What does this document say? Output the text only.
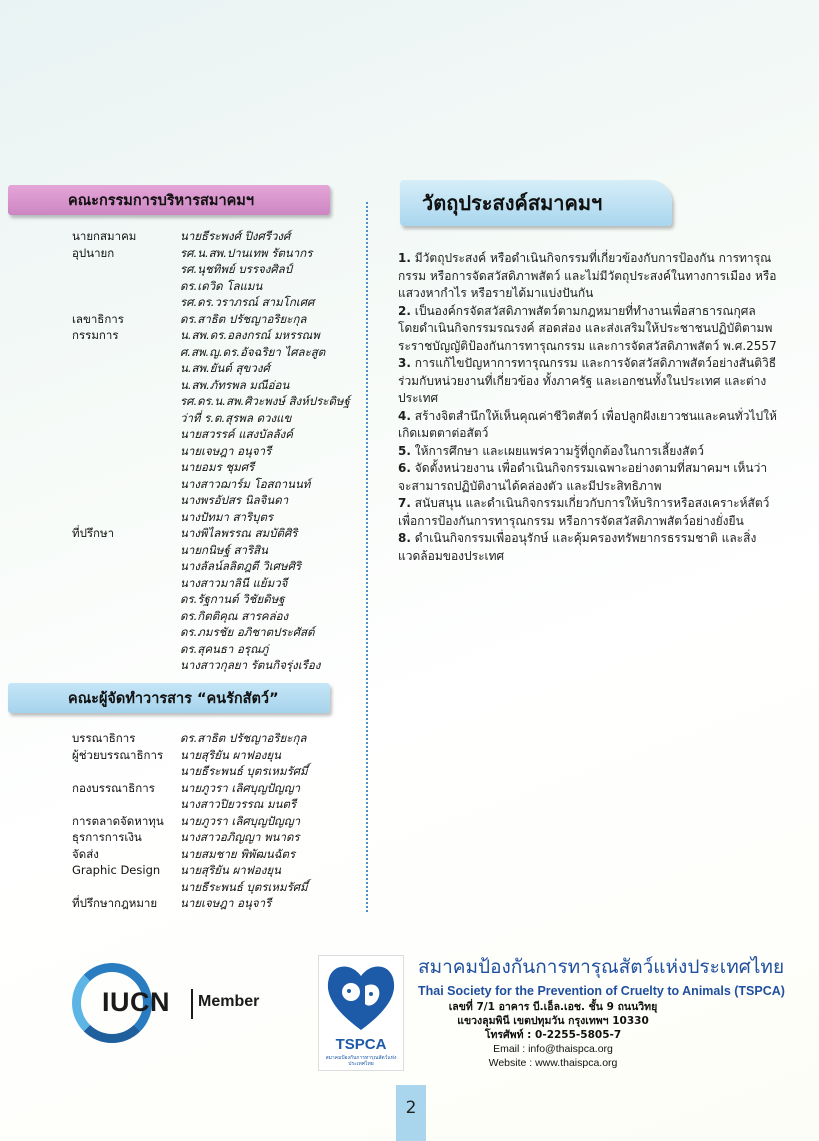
คณะกรรมการบริหารสมาคมฯ
นายกสมาคม	นายธีระพงศ์ ปิงศรีวงศ์
อุปนายก	รศ.น.สพ.ปานเทพ รัตนากร
รศ.นุชทิพย์ บรรจงศิลป์
ดร.เดวิด โลแมน
รศ.ดร.วราภรณ์ สามโกเศศ
เลขาธิการ	ดร.สาธิต ปรัชญาอริยะกุล
กรรมการ	น.สพ.ดร.อลงกรณ์ มหรรณพ
ศ.สพ.ญ.ดร.อัจฉริยา ไศละสูต
น.สพ.ยันต์ สุขวงศ์
น.สพ.ภัทรพล มณีอ่อน
รศ.ดร.น.สพ.ศิวะพงษ์ สิงห์ประดิษฐ์
ว่าที่ ร.ต.สุรพล ดวงแข
นายสวรรค์ แสงบัลลังค์
นายเจษฎา อนุจารี
นายอมร ชุมศรี
นางสาวฌาร์ม โอสถานนท์
นางพรอัปสร นิลจินดา
นางปัทมา สาริบุตร
ที่ปรึกษา	นางพิไลพรรณ สมบัติศิริ
นายกนิษฐ์ สาริสิน
นางลัลน์ลลิตฎตี วิเศษศิริ
นางสาวมาลินี แย้มวจี
ดร.รัฐกานต์ วิชัยดิษฐ
ดร.กิตติคุณ สารคล่อง
ดร.ภมรชัย อภิชาตประศัสต์
ดร.สุคนธา อรุณภู่
นางสาวกุลยา รัตนกิจรุ่งเรือง
คณะผู้จัดทำวารสาร “คนรักสัตว์”
บรรณาธิการ	ดร.สาธิต ปรัชญาอริยะกุล
ผู้ช่วยบรรณาธิการ	นายสุริยัน ผาฟองยุน
นายธีระพนธ์ บุตรเหมรัศมี์
กองบรรณาธิการ	นายภูวรา เลิศบุญปัญญา
นางสาวปิยวรรณ มนตรี
การตลาดจัดหาทุน	นายภูวรา เลิศบุญปัญญา
ธุรการการเงิน	นางสาวอภิญญา พนาดร
จัดส่ง	นายสมชาย พิพัฒนฉัตร
Graphic Design	นายสุริยัน ผาฟองยุน
นายธีระพนธ์ บุตรเหมรัศมี์
ที่ปรึกษากฎหมาย	นายเจษฎา อนุจารี
วัตถุประสงค์สมาคมฯ

1. มีวัตถุประสงค์ หรือดำเนินกิจกรรมที่เกี่ยวข้องกับการป้องกัน การทารุณกรรม หรือการจัดสวัสดิภาพสัตว์ และไม่มีวัตถุประสงค์ในทางการเมือง หรือแสวงหากำไร หรือรายได้มาแบ่งปันกัน

2. เป็นองค์กรจัดสวัสดิภาพสัตว์ตามกฎหมายที่ทำงานเพื่อสาธารณกุศล โดยดำเนินกิจกรรมรณรงค์ สอดส่อง และส่งเสริมให้ประชาชนปฏิบัติตามพระราชบัญญัติป้องกันการทารุณกรรม และการจัดสวัสดิภาพสัตว์ พ.ศ.2557

3. การแก้ไขปัญหาการทารุณกรรม และการจัดสวัสดิภาพสัตว์อย่างสันติวิธีร่วมกับหน่วยงานที่เกี่ยวข้อง ทั้งภาครัฐ และเอกชนทั้งในประเทศ และต่างประเทศ

4. สร้างจิตสำนึกให้เห็นคุณค่าชีวิตสัตว์ เพื่อปลูกฝังเยาวชนและคนทั่วไปให้เกิดเมตตาต่อสัตว์

5. ให้การศึกษา และเผยแพร่ความรู้ที่ถูกต้องในการเลี้ยงสัตว์

6. จัดตั้งหน่วยงาน เพื่อดำเนินกิจกรรมเฉพาะอย่างตามที่สมาคมฯ เห็นว่าจะสามารถปฏิบัติงานได้คล่องตัว และมีประสิทธิภาพ

7. สนับสนุน และดำเนินกิจกรรมเกี่ยวกับการให้บริการหรือสงเคราะห์สัตว์ เพื่อการป้องกันการทารุณกรรม หรือการจัดสวัสดิภาพสัตว์อย่างยั่งยืน

8. ดำเนินกิจกรรมเพื่ออนุรักษ์ และคุ้มครองทรัพยากรธรรมชาติ และสิ่งแวดล้อมของประเทศ

IUCN Member
TSPCA
สมาคมป้องกันการทารุณสัตว์แห่งประเทศไทย
สมาคมป้องกันการทารุณสัตว์แห่งประเทศไทย
Thai Society for the Prevention of Cruelty to Animals (TSPCA)
เลขที่ 7/1 อาคาร บี.เอ็ล.เอช. ชั้น 9 ถนนวิทยุ
แขวงลุมพินี เขตปทุมวัน กรุงเทพฯ 10330
โทรศัพท์ : 0-2255-5805-7
Email : info@thaispca.org
Website : www.thaispca.org
2
